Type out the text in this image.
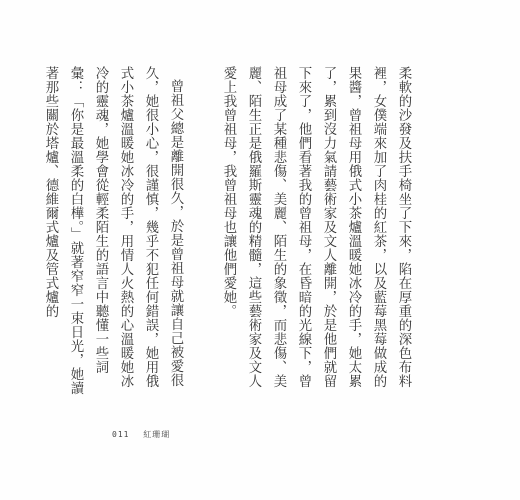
柔軟的沙發及扶手椅坐了下來，陷在厚重的深色布料裡，女僕端來加了肉桂的紅茶，以及藍莓黑莓做成的果醬，曾祖母用俄式小茶爐溫暖她冰冷的手，她太累了，累到沒力氣請藝術家及文人離開，於是他們就留下來了，他們看著我的曾祖母，在昏暗的光線下，曾祖母成了某種悲傷、美麗、陌生的象徵，而悲傷、美麗、陌生正是俄羅斯靈魂的精髓，這些藝術家及文人愛上我曾祖母，我曾祖母也讓他們愛她。

曾祖父總是離開很久，於是曾祖母就讓自己被愛很久，她很小心，很謹慎，幾乎不犯任何錯誤，她用俄式小茶爐溫暖她冰冷的手，用情人火熱的心溫暖她冰冷的靈魂，她學會從輕柔陌生的語言中聽懂一些詞彙：「你是最溫柔的白樺。」就著窄窄一束日光，她讀著那些關於塔爐、德維爾式爐及管式爐的

011 紅珊瑚
